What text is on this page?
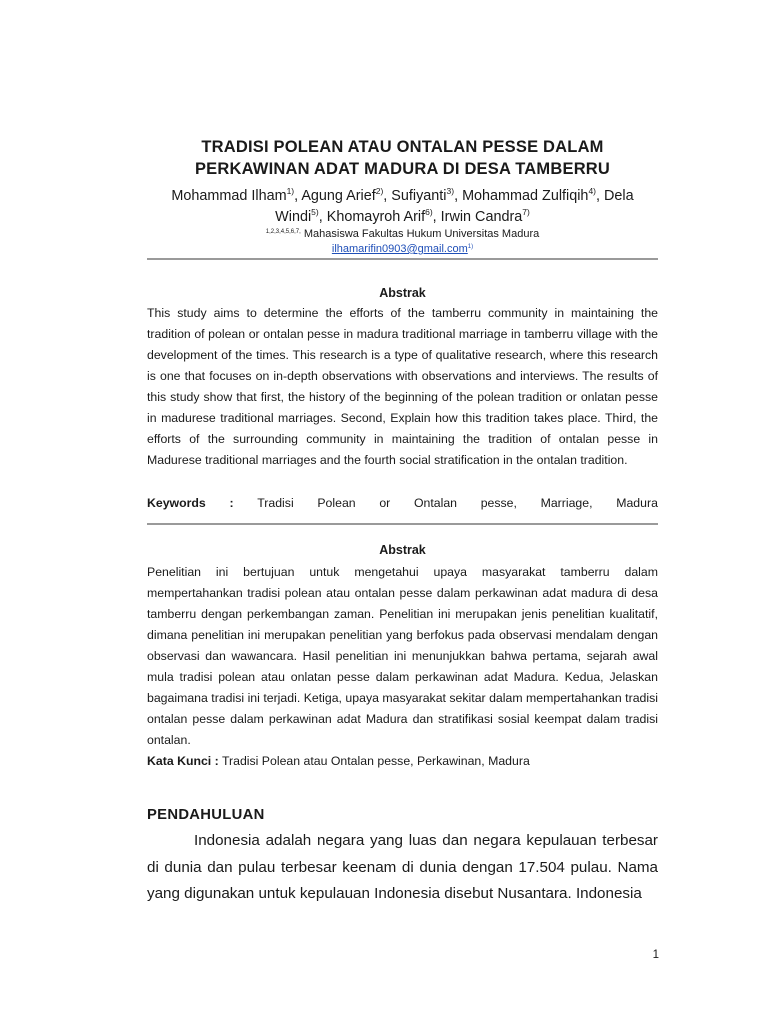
TRADISI POLEAN ATAU ONTALAN PESSE DALAM
PERKAWINAN ADAT MADURA DI DESA TAMBERRU
Mohammad Ilham$^{1)}$, Agung Arief$^{2)}$, Sufiyanti$^{3)}$, Mohammad Zulfiqih$^{4)}$, Dela Windi$^{5)}$, Khomayroh Arif$^{6)}$, Irwin Candra$^{7)}$
$^{1,2,3,4,5,6,7,}$ Mahasiswa Fakultas Hukum Universitas Madura
ilhamarifin0903@gmail.com$^{1)}$
Abstrak
This study aims to determine the efforts of the tamberru community in maintaining the tradition of polean or ontalan pesse in madura traditional marriage in tamberru village with the development of the times. This research is a type of qualitative research, where this research is one that focuses on in-depth observations with observations and interviews. The results of this study show that first, the history of the beginning of the polean tradition or onlatan pesse in madurese traditional marriages. Second, Explain how this tradition takes place. Third, the efforts of the surrounding community in maintaining the tradition of ontalan pesse in Madurese traditional marriages and the fourth social stratification in the ontalan tradition.
Keywords : Tradisi Polean or Ontalan pesse, Marriage, Madura
Abstrak
Penelitian ini bertujuan untuk mengetahui upaya masyarakat tamberru dalam mempertahankan tradisi polean atau ontalan pesse dalam perkawinan adat madura di desa tamberru dengan perkembangan zaman. Penelitian ini merupakan jenis penelitian kualitatif, dimana penelitian ini merupakan penelitian yang berfokus pada observasi mendalam dengan observasi dan wawancara. Hasil penelitian ini menunjukkan bahwa pertama, sejarah awal mula tradisi polean atau onlatan pesse dalam perkawinan adat Madura. Kedua, Jelaskan bagaimana tradisi ini terjadi. Ketiga, upaya masyarakat sekitar dalam mempertahankan tradisi ontalan pesse dalam perkawinan adat Madura dan stratifikasi sosial keempat dalam tradisi ontalan.
Kata Kunci : Tradisi Polean atau Ontalan pesse, Perkawinan, Madura
PENDAHULUAN
Indonesia adalah negara yang luas dan negara kepulauan terbesar di dunia dan pulau terbesar keenam di dunia dengan 17.504 pulau. Nama yang digunakan untuk kepulauan Indonesia disebut Nusantara. Indonesia
1
